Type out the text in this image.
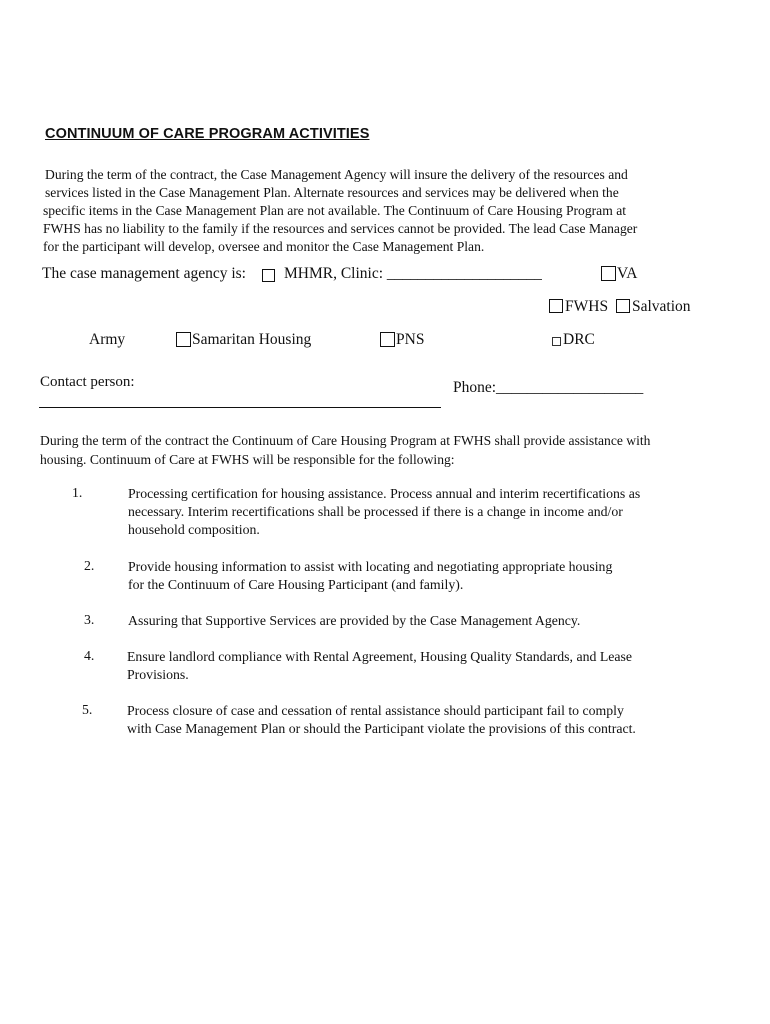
CONTINUUM OF CARE PROGRAM ACTIVITIES
During the term of the contract, the Case Management Agency will insure the delivery of the resources and
services listed in the Case Management Plan. Alternate resources and services may be delivered when the
specific items in the Case Management Plan are not available. The Continuum of Care Housing Program at
FWHS has no liability to the family if the resources and services cannot be provided. The lead Case Manager
for the participant will develop, oversee and monitor the Case Management Plan.
The case management agency is: MHMR, Clinic: ____________________	VA
FWHS Salvation
Army	Samaritan Housing	PNS	DRC
Contact person:	Phone:___________________
During the term of the contract the Continuum of Care Housing Program at FWHS shall provide assistance with
housing. Continuum of Care at FWHS will be responsible for the following:
1.	Processing certification for housing assistance. Process annual and interim recertifications as
necessary. Interim recertifications shall be processed if there is a change in income and/or
household composition.
2. Provide housing information to assist with locating and negotiating appropriate housing
for the Continuum of Care Housing Participant (and family).
3. Assuring that Supportive Services are provided by the Case Management Agency.
4. Ensure landlord compliance with Rental Agreement, Housing Quality Standards, and Lease
Provisions.
5.	Process closure of case and cessation of rental assistance should participant fail to comply
with Case Management Plan or should the Participant violate the provisions of this contract.
